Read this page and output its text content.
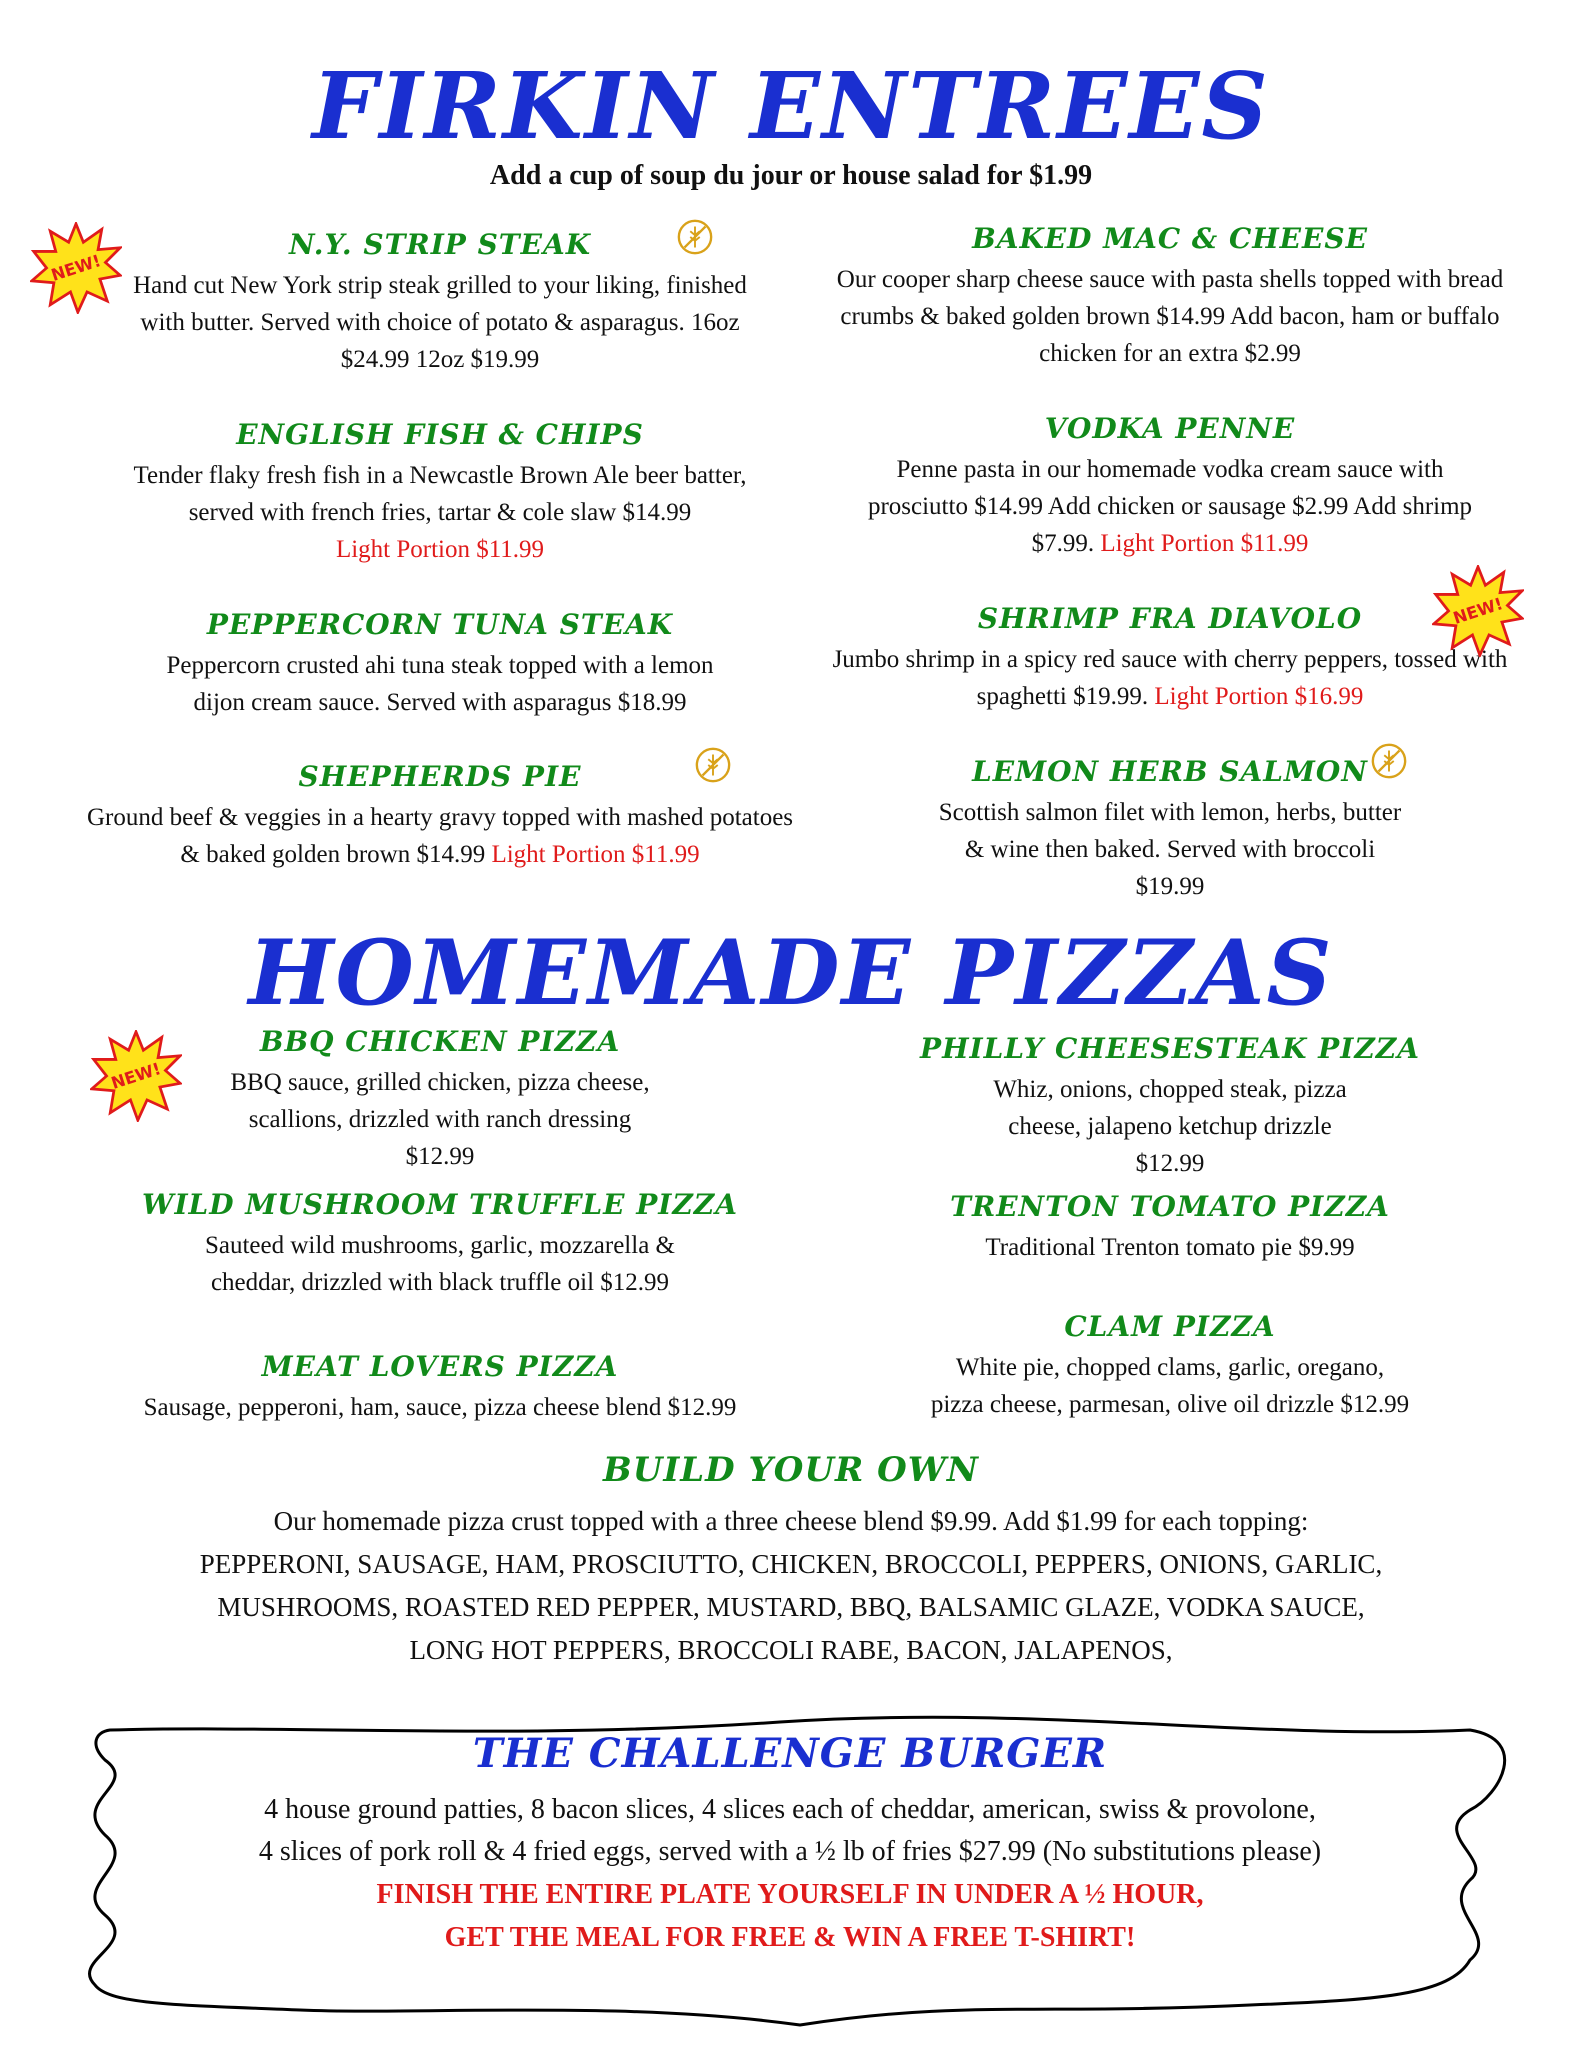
FIRKIN ENTREES
Add a cup of soup du jour or house salad for $1.99
N.Y. STRIP STEAK
Hand cut New York strip steak grilled to your liking, finished with butter. Served with choice of potato & asparagus. 16oz $24.99 12oz $19.99
ENGLISH FISH & CHIPS
Tender flaky fresh fish in a Newcastle Brown Ale beer batter, served with french fries, tartar & cole slaw $14.99
Light Portion $11.99
PEPPERCORN TUNA STEAK
Peppercorn crusted ahi tuna steak topped with a lemon dijon cream sauce. Served with asparagus $18.99
SHEPHERDS PIE
Ground beef & veggies in a hearty gravy topped with mashed potatoes & baked golden brown $14.99 Light Portion $11.99
BAKED MAC & CHEESE
Our cooper sharp cheese sauce with pasta shells topped with bread crumbs & baked golden brown $14.99 Add bacon, ham or buffalo chicken for an extra $2.99
VODKA PENNE
Penne pasta in our homemade vodka cream sauce with prosciutto $14.99 Add chicken or sausage $2.99 Add shrimp $7.99. Light Portion $11.99
SHRIMP FRA DIAVOLO
Jumbo shrimp in a spicy red sauce with cherry peppers, tossed with spaghetti $19.99. Light Portion $16.99
LEMON HERB SALMON
Scottish salmon filet with lemon, herbs, butter & wine then baked. Served with broccoli $19.99
HOMEMADE PIZZAS
BBQ CHICKEN PIZZA
BBQ sauce, grilled chicken, pizza cheese, scallions, drizzled with ranch dressing $12.99
WILD MUSHROOM TRUFFLE PIZZA
Sauteed wild mushrooms, garlic, mozzarella & cheddar, drizzled with black truffle oil $12.99
MEAT LOVERS PIZZA
Sausage, pepperoni, ham, sauce, pizza cheese blend $12.99
PHILLY CHEESESTEAK PIZZA
Whiz, onions, chopped steak, pizza cheese, jalapeno ketchup drizzle $12.99
TRENTON TOMATO PIZZA
Traditional Trenton tomato pie $9.99
CLAM PIZZA
White pie, chopped clams, garlic, oregano, pizza cheese, parmesan, olive oil drizzle $12.99
BUILD YOUR OWN
Our homemade pizza crust topped with a three cheese blend $9.99. Add $1.99 for each topping:
PEPPERONI, SAUSAGE, HAM, PROSCIUTTO, CHICKEN, BROCCOLI, PEPPERS, ONIONS, GARLIC,
MUSHROOMS, ROASTED RED PEPPER, MUSTARD, BBQ, BALSAMIC GLAZE, VODKA SAUCE,
LONG HOT PEPPERS, BROCCOLI RABE, BACON, JALAPENOS,
THE CHALLENGE BURGER
4 house ground patties, 8 bacon slices, 4 slices each of cheddar, american, swiss & provolone,
4 slices of pork roll & 4 fried eggs, served with a ½ lb of fries $27.99 (No substitutions please)
FINISH THE ENTIRE PLATE YOURSELF IN UNDER A ½ HOUR,
GET THE MEAL FOR FREE & WIN A FREE T-SHIRT!
NEW!
NEW!
NEW!
